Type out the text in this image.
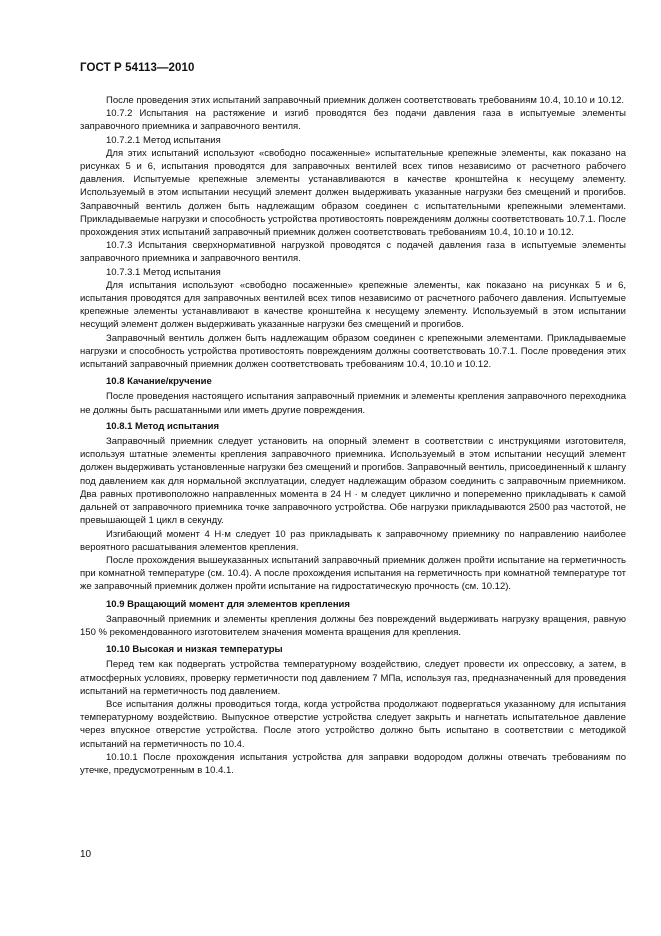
ГОСТ Р 54113—2010

После проведения этих испытаний заправочный приемник должен соответствовать требованиям 10.4, 10.10 и 10.12.

10.7.2 Испытания на растяжение и изгиб проводятся без подачи давления газа в испытуемые элементы заправочного приемника и заправочного вентиля.

10.7.2.1 Метод испытания

Для этих испытаний используют «свободно посаженные» испытательные крепежные элементы, как показано на рисунках 5 и 6, испытания проводятся для заправочных вентилей всех типов независимо от расчетного рабочего давления. Испытуемые крепежные элементы устанавливаются в качестве кронштейна к несущему элементу. Используемый в этом испытании несущий элемент должен выдерживать указанные нагрузки без смещений и прогибов. Заправочный вентиль должен быть надлежащим образом соединен с испытательными крепежными элементами. Прикладываемые нагрузки и способность устройства противостоять повреждениям должны соответствовать 10.7.1. После прохождения этих испытаний заправочный приемник должен соответствовать требованиям 10.4, 10.10 и 10.12.

10.7.3 Испытания сверхнормативной нагрузкой проводятся с подачей давления газа в испытуемые элементы заправочного приемника и заправочного вентиля.

10.7.3.1 Метод испытания

Для испытания используют «свободно посаженные» крепежные элементы, как показано на рисунках 5 и 6, испытания проводятся для заправочных вентилей всех типов независимо от расчетного рабочего давления. Испытуемые крепежные элементы устанавливают в качестве кронштейна к несущему элементу. Используемый в этом испытании несущий элемент должен выдерживать указанные нагрузки без смещений и прогибов.

Заправочный вентиль должен быть надлежащим образом соединен с крепежными элементами. Прикладываемые нагрузки и способность устройства противостоять повреждениям должны соответствовать 10.7.1. После проведения этих испытаний заправочный приемник должен соответствовать требованиям 10.4, 10.10 и 10.12.

10.8 Качание/кручение

После проведения настоящего испытания заправочный приемник и элементы крепления заправочного переходника не должны быть расшатанными или иметь другие повреждения.

10.8.1 Метод испытания

Заправочный приемник следует установить на опорный элемент в соответствии с инструкциями изготовителя, используя штатные элементы крепления заправочного приемника. Используемый в этом испытании несущий элемент должен выдерживать установленные нагрузки без смещений и прогибов. Заправочный вентиль, присоединенный к шлангу под давлением как для нормальной эксплуатации, следует надлежащим образом соединить с заправочным приемником. Два равных противоположно направленных момента в 24 Н · м следует циклично и попеременно прикладывать к самой дальней от заправочного приемника точке заправочного устройства. Обе нагрузки прикладываются 2500 раз частотой, не превышающей 1 цикл в секунду.

Изгибающий момент 4 Н·м следует 10 раз прикладывать к заправочному приемнику по направлению наиболее вероятного расшатывания элементов крепления.

После прохождения вышеуказанных испытаний заправочный приемник должен пройти испытание на герметичность при комнатной температуре (см. 10.4). А после прохождения испытания на герметичность при комнатной температуре тот же заправочный приемник должен пройти испытание на гидростатическую прочность (см. 10.12).

10.9 Вращающий момент для элементов крепления

Заправочный приемник и элементы крепления должны без повреждений выдерживать нагрузку вращения, равную 150 % рекомендованного изготовителем значения момента вращения для крепления.

10.10 Высокая и низкая температуры

Перед тем как подвергать устройства температурному воздействию, следует провести их опрессовку, а затем, в атмосферных условиях, проверку герметичности под давлением 7 МПа, используя газ, предназначенный для проведения испытаний на герметичность под давлением.

Все испытания должны проводиться тогда, когда устройства продолжают подвергаться указанному для испытания температурному воздействию. Выпускное отверстие устройства следует закрыть и нагнетать испытательное давление через впускное отверстие устройства. После этого устройство должно быть испытано в соответствии с методикой испытаний на герметичность по 10.4.

10.10.1 После прохождения испытания устройства для заправки водородом должны отвечать требованиям по утечке, предусмотренным в 10.4.1.

10
